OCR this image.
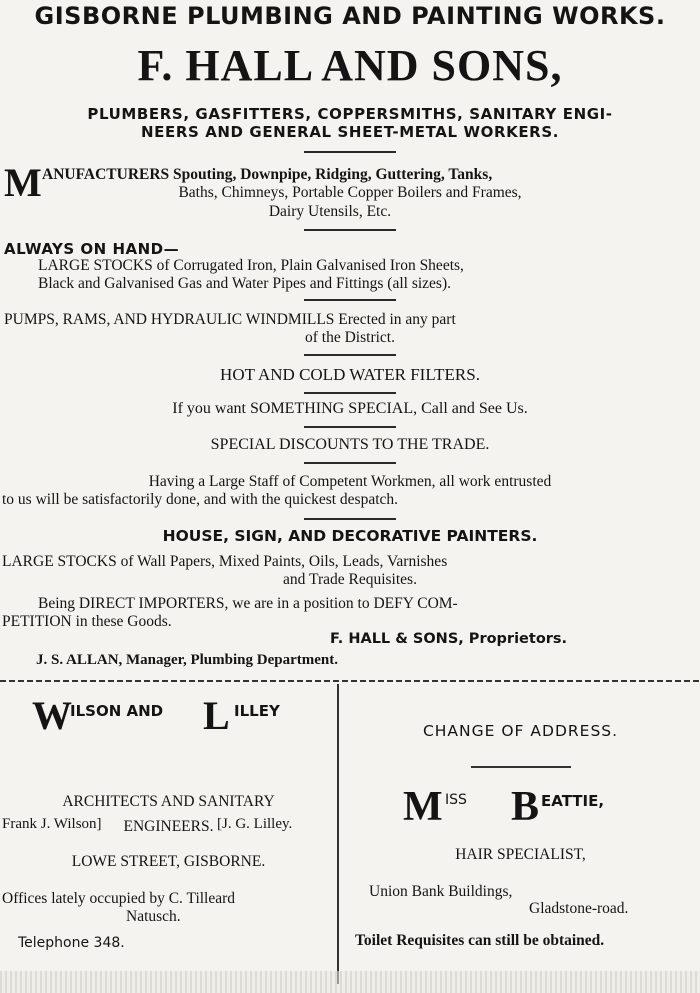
GISBORNE PLUMBING AND PAINTING WORKS.
F. HALL AND SONS,
PLUMBERS, GASFITTERS, COPPERSMITHS, SANITARY ENGI-
NEERS AND GENERAL SHEET-METAL WORKERS.
M ANUFACTURERS Spouting, Downpipe, Ridging, Guttering, Tanks,
Baths, Chimneys, Portable Copper Boilers and Frames,
Dairy Utensils, Etc.
ALWAYS ON HAND—
LARGE STOCKS of Corrugated Iron, Plain Galvanised Iron Sheets,
Black and Galvanised Gas and Water Pipes and Fittings (all sizes).
PUMPS, RAMS, AND HYDRAULIC WINDMILLS Erected in any part
of the District.
HOT AND COLD WATER FILTERS.
If you want SOMETHING SPECIAL, Call and See Us.
SPECIAL DISCOUNTS TO THE TRADE.
Having a Large Staff of Competent Workmen, all work entrusted
to us will be satisfactorily done, and with the quickest despatch.
HOUSE, SIGN, AND DECORATIVE PAINTERS.
LARGE STOCKS of Wall Papers, Mixed Paints, Oils, Leads, Varnishes
and Trade Requisites.
Being DIRECT IMPORTERS, we are in a position to DEFY COM-
PETITION in these Goods.
F. HALL & SONS, Proprietors.
J. S. ALLAN, Manager, Plumbing Department.
W
ILSON AND L ILLEY
Frank J. Wilson]	[J. G. Lilley.
ARCHITECTS AND SANITARY
ENGINEERS.
LOWE STREET, GISBORNE.
Offices lately occupied by C. Tilleard
Natusch.
Telephone 348.
CHANGE OF ADDRESS.
M ISS B EATTIE,
HAIR SPECIALIST,
Union Bank Buildings,
Gladstone-road.
Toilet Requisites can still be obtained.
